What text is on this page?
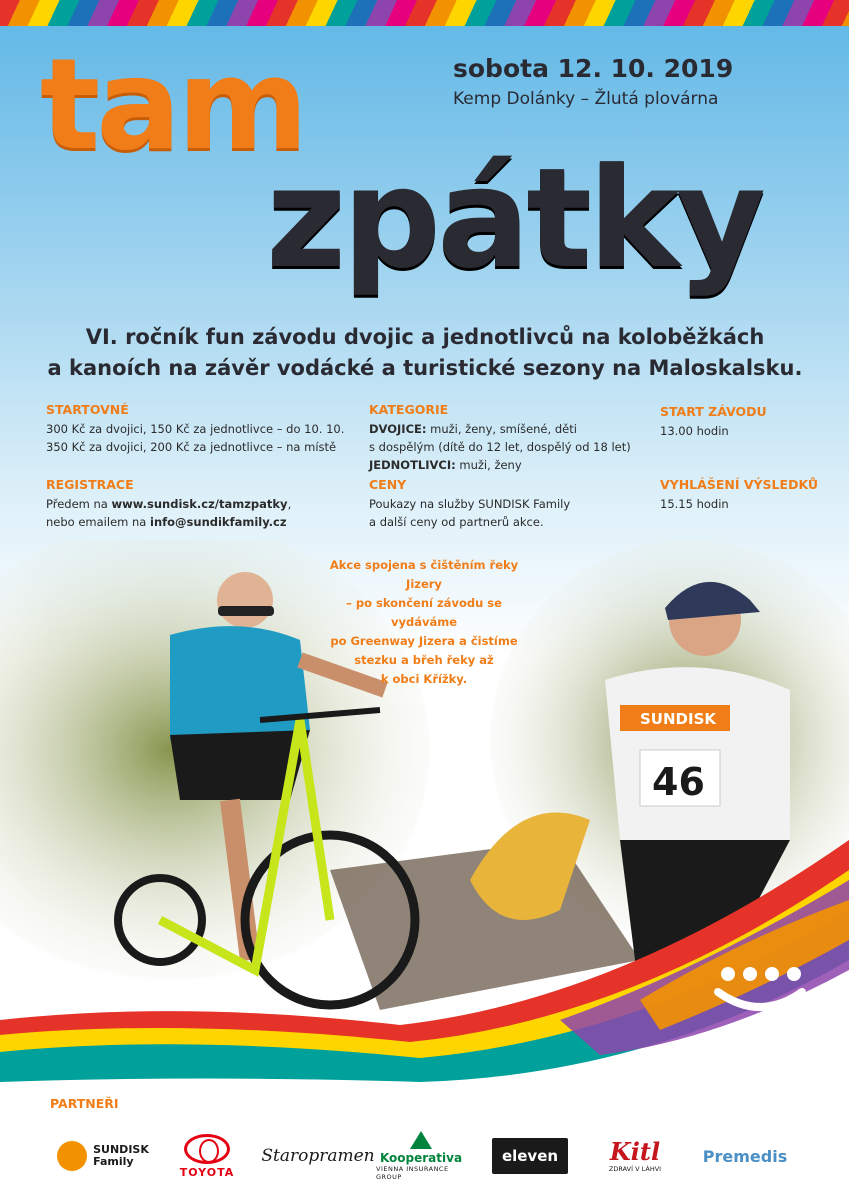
tam
zpátky
sobota 12. 10. 2019
Kemp Dolánky – Žlutá plovárna
VI. ročník fun závodu dvojic a jednotlivců na koloběžkách
a kanoích na závěr vodácké a turistické sezony na Maloskalsku.
STARTOVNÉ
300 Kč za dvojici, 150 Kč za jednotlivce – do 10. 10.
350 Kč za dvojici, 200 Kč za jednotlivce – na místě
REGISTRACE
Předem na www.sundisk.cz/tamzpatky,
nebo emailem na info@sundikfamily.cz
KATEGORIE
DVOJICE: muži, ženy, smíšené, děti
s dospělým (dítě do 12 let, dospělý od 18 let)
JEDNOTLIVCI: muži, ženy
CENY
Poukazy na služby SUNDISK Family
a další ceny od partnerů akce.
START ZÁVODU
13.00 hodin
VYHLÁŠENÍ VÝSLEDKŮ
15.15 hodin
SUNDISK
46
Akce spojena s čištěním řeky Jizery
– po skončení závodu se vydáváme
po Greenway Jizera a čistíme
stezku a břeh řeky až
k obci Křížky.
PARTNEŘI
SUNDISK
Family
TOYOTA
Staropramen Kooperativa
VIENNA INSURANCE GROUP
eleven	Kitl
ZDRAVÍ V LÁHVI
Premedis
